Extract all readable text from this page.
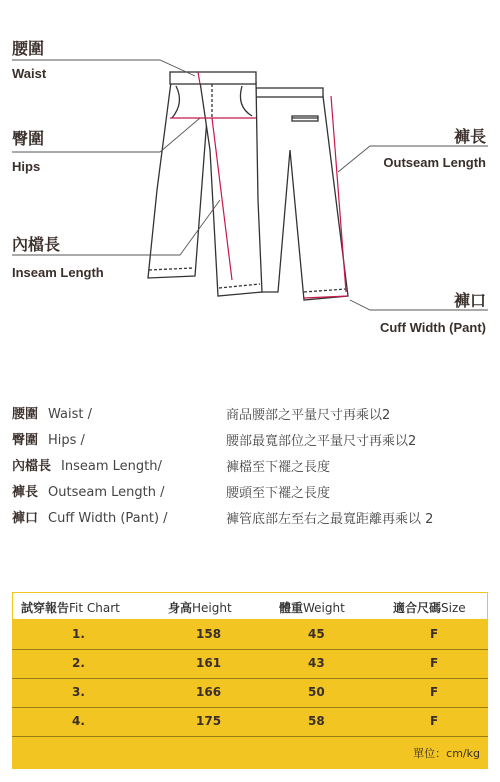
腰圍
Waist
臀圍
Hips
內檔長
Inseam Length
褲長
Outseam Length
褲口
Cuff Width (Pant)
腰圍 Waist /	商品腰部之平量尺寸再乘以2
臀圍 Hips /	腰部最寬部位之平量尺寸再乘以2
內檔長 Inseam Length/	褲檔至下襬之長度
褲長 Outseam Length /	腰頭至下襬之長度
褲口 Cuff Width (Pant) /	褲管底部左至右之最寬距離再乘以 2
試穿報告Fit Chart	身高Height	體重Weight	適合尺碼Size
1.	158	45	F
2.	161	43	F
3.	166	50	F
4.	175	58	F
單位：cm/kg
